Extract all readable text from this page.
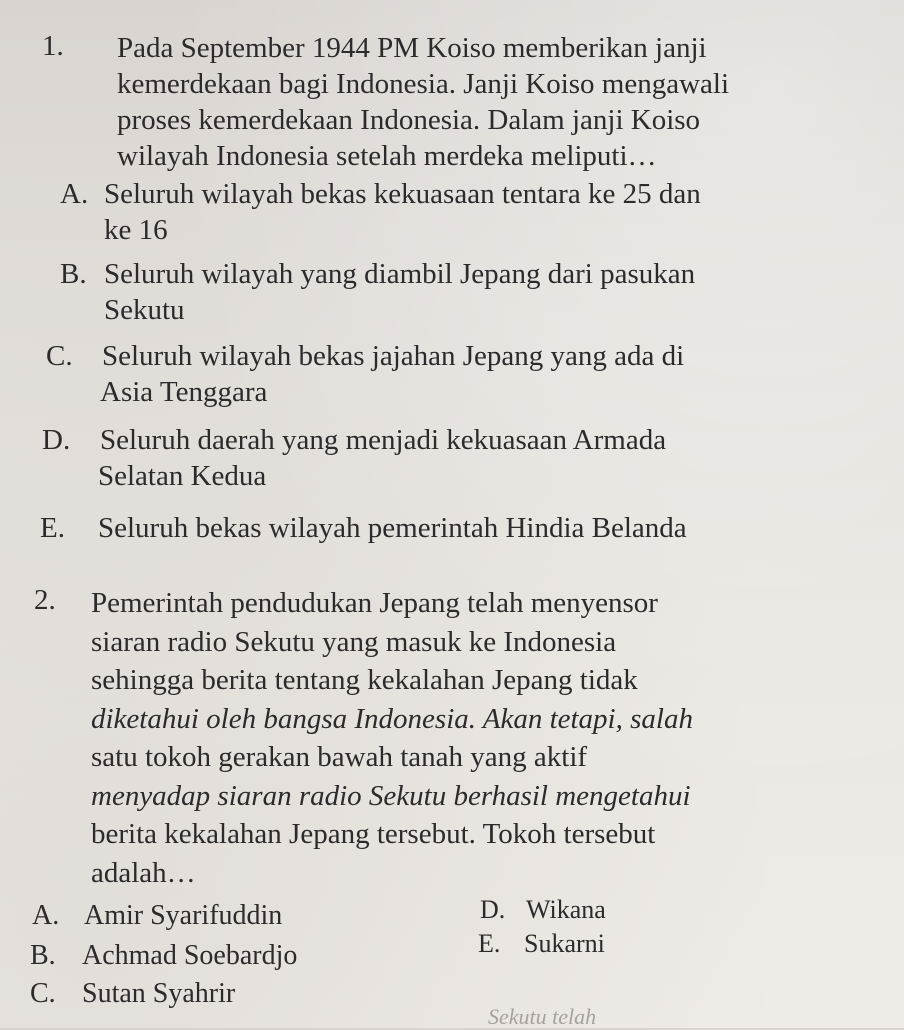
1. Pada September 1944 PM Koiso memberikan janji
kemerdekaan bagi Indonesia. Janji Koiso mengawali
proses kemerdekaan Indonesia. Dalam janji Koiso
wilayah Indonesia setelah merdeka meliputi…
A. Seluruh wilayah bekas kekuasaan tentara ke 25 dan
ke 16
B. Seluruh wilayah yang diambil Jepang dari pasukan
Sekutu
C. Seluruh wilayah bekas jajahan Jepang yang ada di
Asia Tenggara
D. Seluruh daerah yang menjadi kekuasaan Armada
Selatan Kedua
E. Seluruh bekas wilayah pemerintah Hindia Belanda
2. Pemerintah pendudukan Jepang telah menyensor
siaran radio Sekutu yang masuk ke Indonesia
sehingga berita tentang kekalahan Jepang tidak
diketahui oleh bangsa Indonesia. Akan tetapi, salah
satu tokoh gerakan bawah tanah yang aktif
menyadap siaran radio Sekutu berhasil mengetahui
berita kekalahan Jepang tersebut. Tokoh tersebut
adalah…
A. Amir Syarifuddin
B. Achmad Soebardjo
C. Sutan Syahrir
D. Wikana
E. Sukarni
Sekutu telah
